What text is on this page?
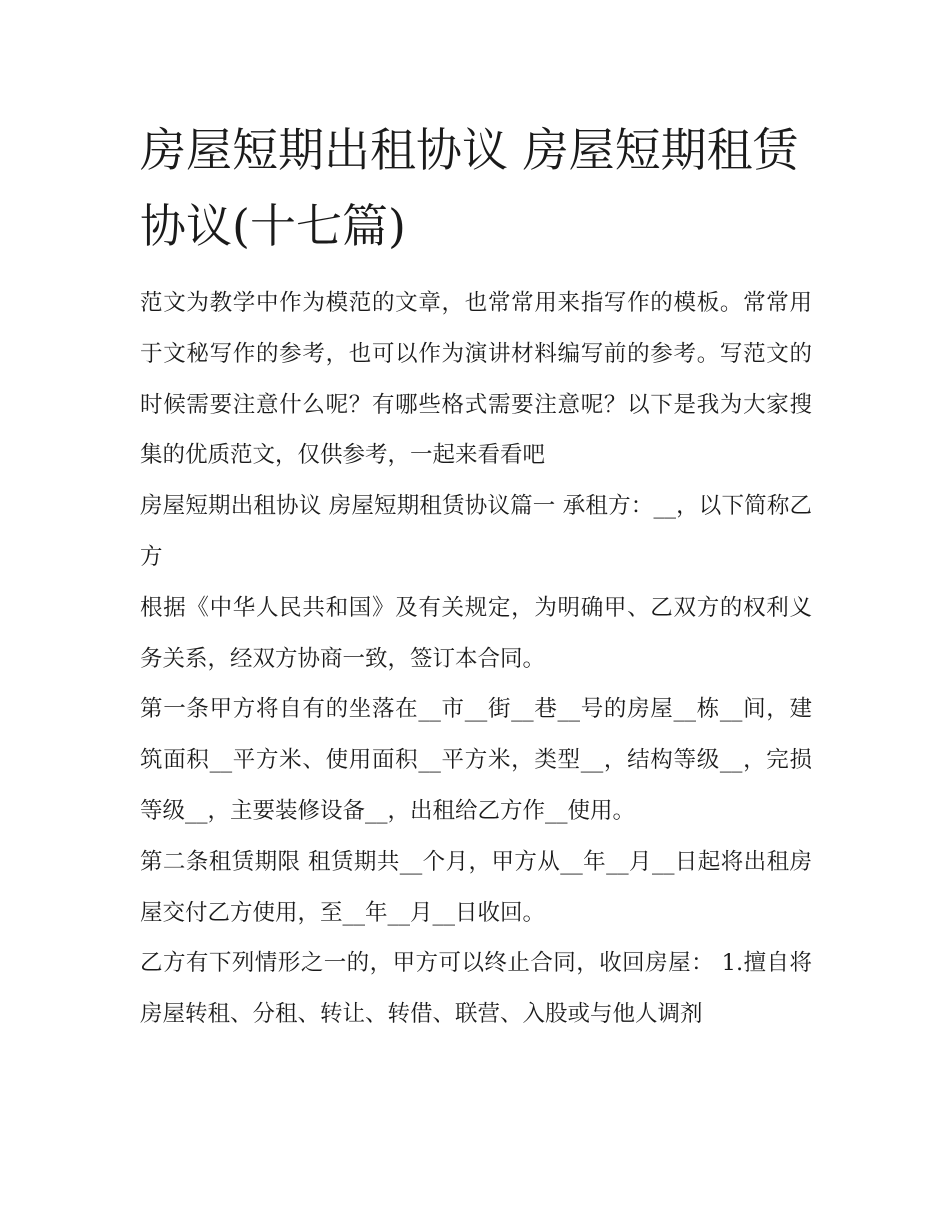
房屋短期出租协议 房屋短期租赁协议(十七篇)

范文为教学中作为模范的文章，也常常用来指写作的模板。常常用于文秘写作的参考，也可以作为演讲材料编写前的参考。写范文的时候需要注意什么呢？有哪些格式需要注意呢？以下是我为大家搜集的优质范文，仅供参考，一起来看看吧

房屋短期出租协议 房屋短期租赁协议篇一 承租方：__，以下简称乙方

根据《中华人民共和国》及有关规定，为明确甲、乙双方的权利义务关系，经双方协商一致，签订本合同。

第一条甲方将自有的坐落在__市__街__巷__号的房屋__栋__间，建筑面积__平方米、使用面积__平方米，类型__，结构等级__，完损等级__，主要装修设备__，出租给乙方作__使用。

第二条租赁期限 租赁期共__个月，甲方从__年__月__日起将出租房屋交付乙方使用，至__年__月__日收回。

乙方有下列情形之一的，甲方可以终止合同，收回房屋： 1.擅自将房屋转租、分租、转让、转借、联营、入股或与他人调剂
